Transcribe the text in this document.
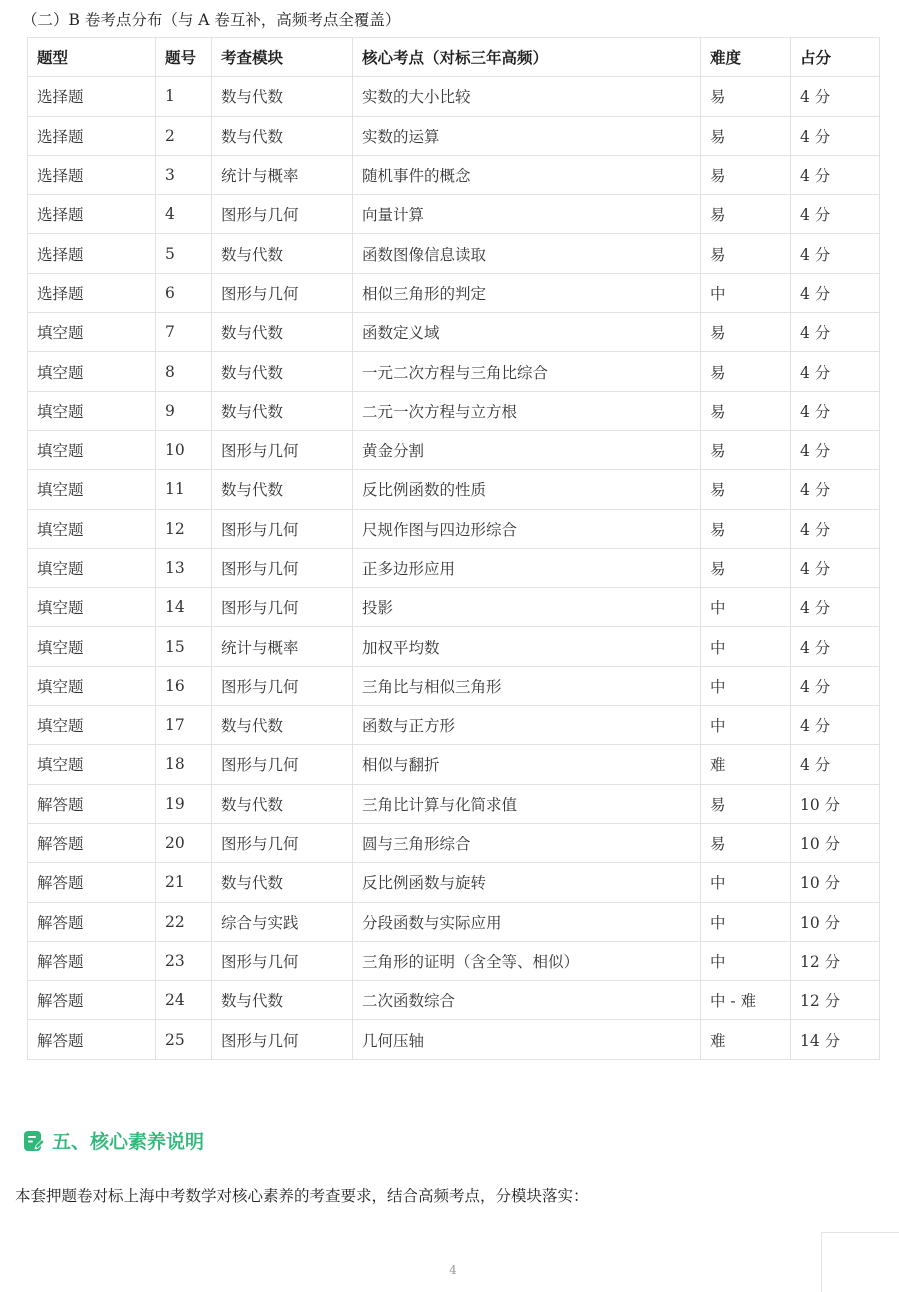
（二）B 卷考点分布（与 A 卷互补，高频考点全覆盖）
题型	题号	考查模块	核心考点（对标三年高频）	难度	占分
选择题	1	数与代数	实数的大小比较	易	4 分
选择题	2	数与代数	实数的运算	易	4 分
选择题	3	统计与概率	随机事件的概念	易	4 分
选择题	4	图形与几何	向量计算	易	4 分
选择题	5	数与代数	函数图像信息读取	易	4 分
选择题	6	图形与几何	相似三角形的判定	中	4 分
填空题	7	数与代数	函数定义域	易	4 分
填空题	8	数与代数	一元二次方程与三角比综合	易	4 分
填空题	9	数与代数	二元一次方程与立方根	易	4 分
填空题	10	图形与几何	黄金分割	易	4 分
填空题	11	数与代数	反比例函数的性质	易	4 分
填空题	12	图形与几何	尺规作图与四边形综合	易	4 分
填空题	13	图形与几何	正多边形应用	易	4 分
填空题	14	图形与几何	投影	中	4 分
填空题	15	统计与概率	加权平均数	中	4 分
填空题	16	图形与几何	三角比与相似三角形	中	4 分
填空题	17	数与代数	函数与正方形	中	4 分
填空题	18	图形与几何	相似与翻折	难	4 分
解答题	19	数与代数	三角比计算与化简求值	易	10 分
解答题	20	图形与几何	圆与三角形综合	易	10 分
解答题	21	数与代数	反比例函数与旋转	中	10 分
解答题	22	综合与实践	分段函数与实际应用	中	10 分
解答题	23	图形与几何	三角形的证明（含全等、相似）	中	12 分
解答题	24	数与代数	二次函数综合	中 - 难	12 分
解答题	25	图形与几何	几何压轴	难	14 分
五、核心素养说明
本套押题卷对标上海中考数学对核心素养的考查要求，结合高频考点，分模块落实：
4
